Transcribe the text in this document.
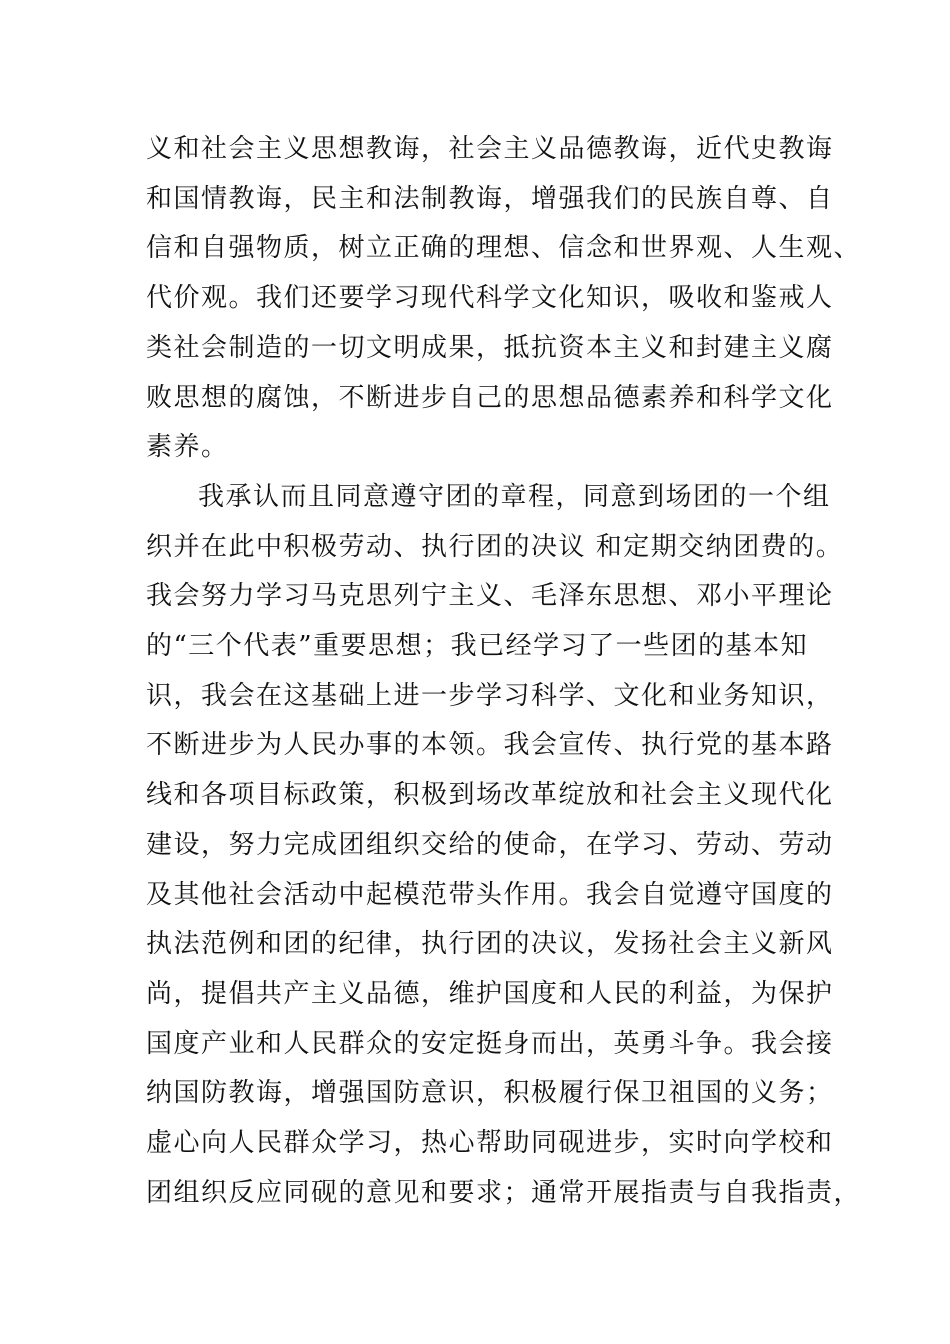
义和社会主义思想教诲，社会主义品德教诲，近代史教诲
和国情教诲，民主和法制教诲，增强我们的民族自尊、自
信和自强物质，树立正确的理想、信念和世界观、人生观、
代价观。我们还要学习现代科学文化知识，吸收和鉴戒人
类社会制造的一切文明成果，抵抗资本主义和封建主义腐
败思想的腐蚀，不断进步自己的思想品德素养和科学文化
素养。
我承认而且同意遵守团的章程，同意到场团的一个组
织并在此中积极劳动、执行团的决议 和定期交纳团费的。
我会努力学习马克思列宁主义、毛泽东思想、邓小平理论
的“三个代表”重要思想；我已经学习了一些团的基本知
识，我会在这基础上进一步学习科学、文化和业务知识，
不断进步为人民办事的本领。我会宣传、执行党的基本路
线和各项目标政策，积极到场改革绽放和社会主义现代化
建设，努力完成团组织交给的使命，在学习、劳动、劳动
及其他社会活动中起模范带头作用。我会自觉遵守国度的
执法范例和团的纪律，执行团的决议，发扬社会主义新风
尚，提倡共产主义品德，维护国度和人民的利益，为保护
国度产业和人民群众的安定挺身而出，英勇斗争。我会接
纳国防教诲，增强国防意识，积极履行保卫祖国的义务；
虚心向人民群众学习，热心帮助同砚进步，实时向学校和
团组织反应同砚的意见和要求；通常开展指责与自我指责，
